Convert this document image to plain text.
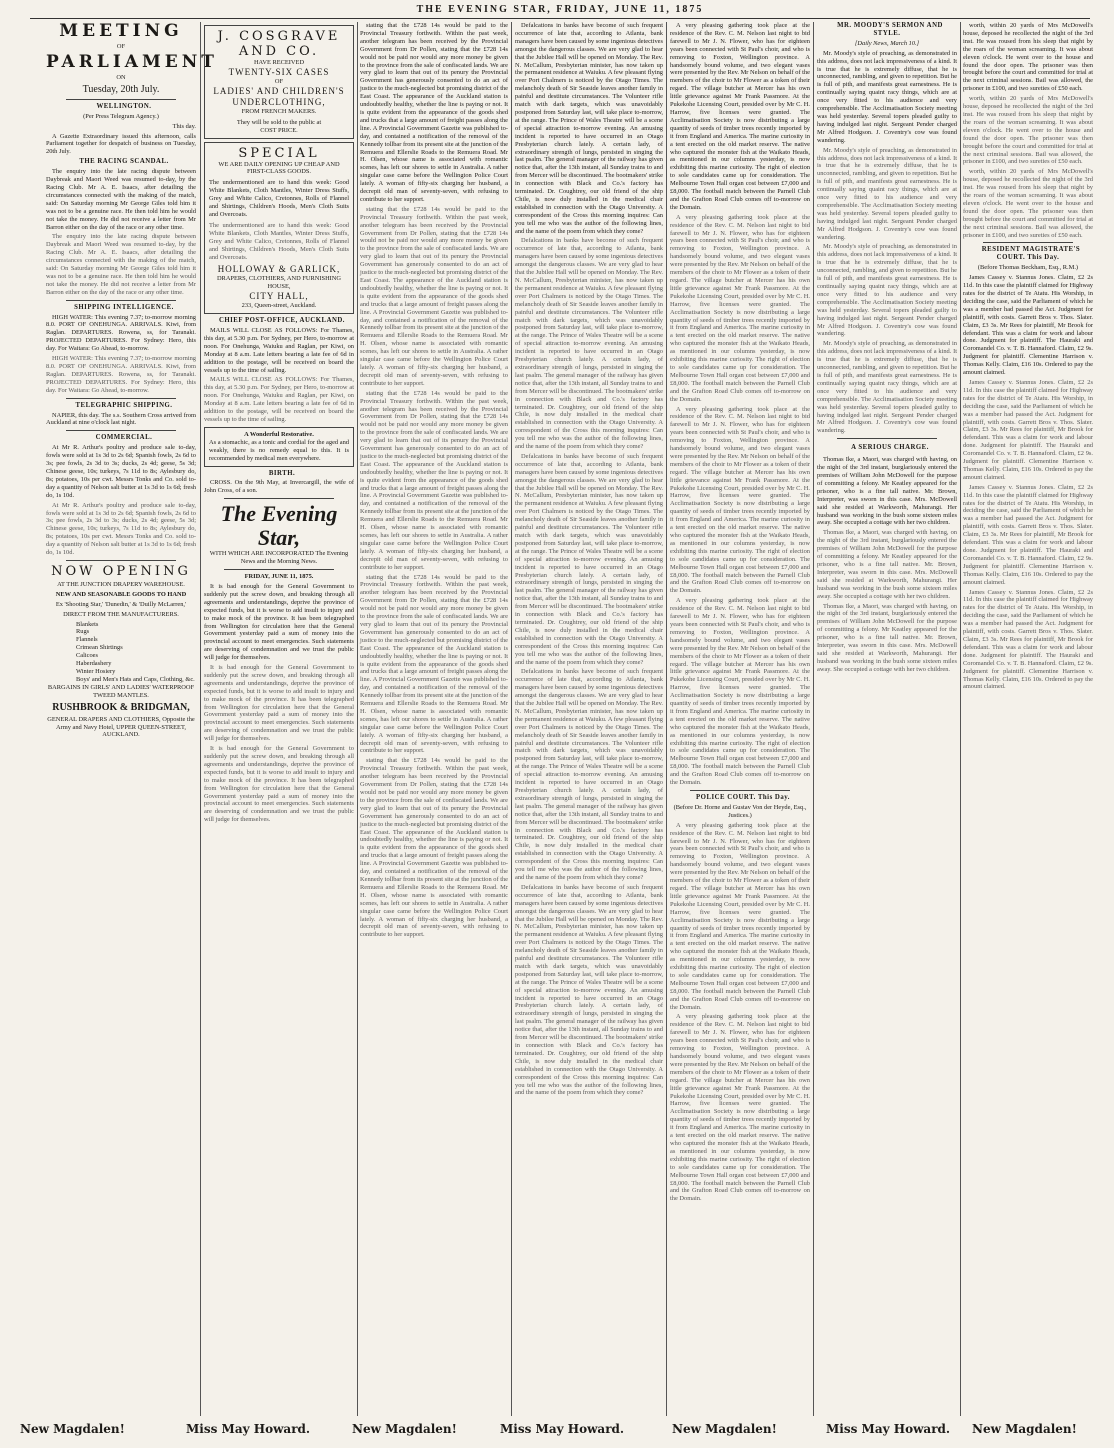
THE EVENING STAR, FRIDAY, JUNE 11, 1875

MEETING

OF

PARLIAMENT

ON

Tuesday, 20th July.

WELLINGTON.

(Per Press Telegram Agency.)

This day.

A Gazette Extraordinary issued this afternoon, calls Parliament together for despatch of business on Tuesday, 20th July.

THE RACING SCANDAL.

The enquiry into the late racing dispute between Daybreak and Maori Weed was resumed to-day, by the Racing Club. Mr A. E. Isaacs, after detailing the circumstances connected with the making of the match, said: On Saturday morning Mr George Giles told him it was not to be a genuine race. He then told him he would not take the money. He did not receive a letter from Mr Barron either on the day of the race or any other time.

The enquiry into the late racing dispute between Daybreak and Maori Weed was resumed to-day, by the Racing Club. Mr A. E. Isaacs, after detailing the circumstances connected with the making of the match, said: On Saturday morning Mr George Giles told him it was not to be a genuine race. He then told him he would not take the money. He did not receive a letter from Mr Barron either on the day of the race or any other time.

SHIPPING INTELLIGENCE.

HIGH WATER: This evening 7.37; to-morrow morning 8.0. PORT OF ONEHUNGA. ARRIVALS. Kiwi, from Raglan. DEPARTURES. Rowena, ss, for Taranaki. PROJECTED DEPARTURES. For Sydney: Hero, this day. For Waitara: Go Ahead, to-morrow.

HIGH WATER: This evening 7.37; to-morrow morning 8.0. PORT OF ONEHUNGA. ARRIVALS. Kiwi, from Raglan. DEPARTURES. Rowena, ss, for Taranaki. PROJECTED DEPARTURES. For Sydney: Hero, this day. For Waitara: Go Ahead, to-morrow.

TELEGRAPHIC SHIPPING.

NAPIER, this day. The s.s. Southern Cross arrived from Auckland at nine o'clock last night.

COMMERCIAL.

At Mr R. Arthur's poultry and produce sale to-day, fowls were sold at 1s 3d to 2s 6d; Spanish fowls, 2s 6d to 3s; pee fowls, 2s 3d to 3s; ducks, 2s 4d; geese, 5s 3d; Chinese geese, 10s; turkeys, 7s 11d to 8s; Aylesbury do, 8s; potatoes, 10s per cwt. Messrs Tonks and Co. sold to-day a quantity of Nelson salt butter at 1s 3d to 1s 6d; fresh do, 1s 10d.

At Mr R. Arthur's poultry and produce sale to-day, fowls were sold at 1s 3d to 2s 6d; Spanish fowls, 2s 6d to 3s; pee fowls, 2s 3d to 3s; ducks, 2s 4d; geese, 5s 3d; Chinese geese, 10s; turkeys, 7s 11d to 8s; Aylesbury do, 8s; potatoes, 10s per cwt. Messrs Tonks and Co. sold to-day a quantity of Nelson salt butter at 1s 3d to 1s 6d; fresh do, 1s 10d.

NOW OPENING

AT THE JUNCTION DRAPERY WAREHOUSE.

NEW AND SEASONABLE GOODS TO HAND

Ex 'Shooting Star,' 'Dunedin,' & 'Duilly McLarren,'

DIRECT FROM THE MANUFACTURERS.

Blankets
Rugs
Flannels
Crimean Shirtings
Calicoes
Haberdashery
Winter Hosiery
Boys' and Men's Hats and Caps, Clothing, &c.

BARGAINS IN GIRLS' AND LADIES' WATERPROOF TWEED MANTLES.

RUSHBROOK & BRIDGMAN,

GENERAL DRAPERS AND CLOTHIERS, Opposite the Army and Navy Hotel, UPPER QUEEN-STREET, AUCKLAND.

J. COSGRAVE AND CO.
HAVE RECEIVED
TWENTY-SIX CASES
OF
LADIES' AND CHILDREN'S
UNDERCLOTHING,
FROM FRENCH MAKERS.
They will be sold to the public at
COST PRICE.
SPECIAL
WE ARE DAILY OPENING UP CHEAP AND FIRST-CLASS GOODS.
The undermentioned are to hand this week: Good White Blankets, Cloth Mantles, Winter Dress Stuffs, Grey and White Calico, Cretonnes, Rolls of Flannel and Shirtings, Children's Hoods, Men's Cloth Suits and Overcoats.
The undermentioned are to hand this week: Good White Blankets, Cloth Mantles, Winter Dress Stuffs, Grey and White Calico, Cretonnes, Rolls of Flannel and Shirtings, Children's Hoods, Men's Cloth Suits and Overcoats.
HOLLOWAY & GARLICK,
DRAPERS, CLOTHIERS, AND FURNISHING HOUSE,
CITY HALL,
233, Queen-street, Auckland.

CHIEF POST-OFFICE, AUCKLAND.

MAILS WILL CLOSE AS FOLLOWS: For Thames, this day, at 5.30 p.m. For Sydney, per Hero, to-morrow at noon. For Onehunga, Waiuku and Raglan, per Kiwi, on Monday at 8 a.m. Late letters bearing a late fee of 6d in addition to the postage, will be received on board the vessels up to the time of sailing.

MAILS WILL CLOSE AS FOLLOWS: For Thames, this day, at 5.30 p.m. For Sydney, per Hero, to-morrow at noon. For Onehunga, Waiuku and Raglan, per Kiwi, on Monday at 8 a.m. Late letters bearing a late fee of 6d in addition to the postage, will be received on board the vessels up to the time of sailing.

A Wonderful Restorative.
As a stomachic, as a tonic and cordial for the aged and weakly, there is no remedy equal to this. It is recommended by medical men everywhere.

BIRTH.

CROSS. On the 9th May, at Invercargill, the wife of John Cross, of a son.

The Evening Star,

WITH WHICH ARE INCORPORATED The Evening News and the Morning News.

FRIDAY, JUNE 11, 1875.

It is bad enough for the General Government to suddenly put the screw down, and breaking through all agreements and understandings, deprive the province of expected funds, but it is worse to add insult to injury and to make mock of the province. It has been telegraphed from Wellington for circulation here that the General Government yesterday paid a sum of money into the provincial account to meet emergencies. Such statements are deserving of condemnation and we trust the public will judge for themselves.

It is bad enough for the General Government to suddenly put the screw down, and breaking through all agreements and understandings, deprive the province of expected funds, but it is worse to add insult to injury and to make mock of the province. It has been telegraphed from Wellington for circulation here that the General Government yesterday paid a sum of money into the provincial account to meet emergencies. Such statements are deserving of condemnation and we trust the public will judge for themselves.

It is bad enough for the General Government to suddenly put the screw down, and breaking through all agreements and understandings, deprive the province of expected funds, but it is worse to add insult to injury and to make mock of the province. It has been telegraphed from Wellington for circulation here that the General Government yesterday paid a sum of money into the provincial account to meet emergencies. Such statements are deserving of condemnation and we trust the public will judge for themselves.

stating that the £728 14s would be paid to the Provincial Treasury forthwith. Within the past week, another telegram has been received by the Provincial Government from Dr Pollen, stating that the £728 14s would not be paid nor would any more money be given to the province from the sale of confiscated lands. We are very glad to learn that out of its penury the Provincial Government has generously consented to do an act of justice to the much-neglected but promising district of the East Coast. The appearance of the Auckland station is undoubtedly healthy, whether the line is paying or not. It is quite evident from the appearance of the goods shed and trucks that a large amount of freight passes along the line. A Provincial Government Gazette was published to-day, and contained a notification of the removal of the Kennedy tollbar from its present site at the junction of the Remuera and Ellerslie Roads to the Remuera Road. Mr H. Olsen, whose name is associated with romantic scenes, has left our shores to settle in Australia. A rather singular case came before the Wellington Police Court lately. A woman of fifty-six charging her husband, a decrepit old man of seventy-seven, with refusing to contribute to her support.

stating that the £728 14s would be paid to the Provincial Treasury forthwith. Within the past week, another telegram has been received by the Provincial Government from Dr Pollen, stating that the £728 14s would not be paid nor would any more money be given to the province from the sale of confiscated lands. We are very glad to learn that out of its penury the Provincial Government has generously consented to do an act of justice to the much-neglected but promising district of the East Coast. The appearance of the Auckland station is undoubtedly healthy, whether the line is paying or not. It is quite evident from the appearance of the goods shed and trucks that a large amount of freight passes along the line. A Provincial Government Gazette was published to-day, and contained a notification of the removal of the Kennedy tollbar from its present site at the junction of the Remuera and Ellerslie Roads to the Remuera Road. Mr H. Olsen, whose name is associated with romantic scenes, has left our shores to settle in Australia. A rather singular case came before the Wellington Police Court lately. A woman of fifty-six charging her husband, a decrepit old man of seventy-seven, with refusing to contribute to her support.

stating that the £728 14s would be paid to the Provincial Treasury forthwith. Within the past week, another telegram has been received by the Provincial Government from Dr Pollen, stating that the £728 14s would not be paid nor would any more money be given to the province from the sale of confiscated lands. We are very glad to learn that out of its penury the Provincial Government has generously consented to do an act of justice to the much-neglected but promising district of the East Coast. The appearance of the Auckland station is undoubtedly healthy, whether the line is paying or not. It is quite evident from the appearance of the goods shed and trucks that a large amount of freight passes along the line. A Provincial Government Gazette was published to-day, and contained a notification of the removal of the Kennedy tollbar from its present site at the junction of the Remuera and Ellerslie Roads to the Remuera Road. Mr H. Olsen, whose name is associated with romantic scenes, has left our shores to settle in Australia. A rather singular case came before the Wellington Police Court lately. A woman of fifty-six charging her husband, a decrepit old man of seventy-seven, with refusing to contribute to her support.

stating that the £728 14s would be paid to the Provincial Treasury forthwith. Within the past week, another telegram has been received by the Provincial Government from Dr Pollen, stating that the £728 14s would not be paid nor would any more money be given to the province from the sale of confiscated lands. We are very glad to learn that out of its penury the Provincial Government has generously consented to do an act of justice to the much-neglected but promising district of the East Coast. The appearance of the Auckland station is undoubtedly healthy, whether the line is paying or not. It is quite evident from the appearance of the goods shed and trucks that a large amount of freight passes along the line. A Provincial Government Gazette was published to-day, and contained a notification of the removal of the Kennedy tollbar from its present site at the junction of the Remuera and Ellerslie Roads to the Remuera Road. Mr H. Olsen, whose name is associated with romantic scenes, has left our shores to settle in Australia. A rather singular case came before the Wellington Police Court lately. A woman of fifty-six charging her husband, a decrepit old man of seventy-seven, with refusing to contribute to her support.

stating that the £728 14s would be paid to the Provincial Treasury forthwith. Within the past week, another telegram has been received by the Provincial Government from Dr Pollen, stating that the £728 14s would not be paid nor would any more money be given to the province from the sale of confiscated lands. We are very glad to learn that out of its penury the Provincial Government has generously consented to do an act of justice to the much-neglected but promising district of the East Coast. The appearance of the Auckland station is undoubtedly healthy, whether the line is paying or not. It is quite evident from the appearance of the goods shed and trucks that a large amount of freight passes along the line. A Provincial Government Gazette was published to-day, and contained a notification of the removal of the Kennedy tollbar from its present site at the junction of the Remuera and Ellerslie Roads to the Remuera Road. Mr H. Olsen, whose name is associated with romantic scenes, has left our shores to settle in Australia. A rather singular case came before the Wellington Police Court lately. A woman of fifty-six charging her husband, a decrepit old man of seventy-seven, with refusing to contribute to her support.

Defalcations in banks have become of such frequent occurrence of late that, according to Atlanta, bank managers have been caused by some ingenious detectives amongst the dangerous classes. We are very glad to hear that the Jubilee Hall will be opened on Monday. The Rev. N. McCallum, Presbyterian minister, has now taken up the permanent residence at Waiuku. A few pleasant flying over Port Chalmers is noticed by the Otago Times. The melancholy death of Sir Seaside leaves another family in painful and destitute circumstances. The Volunteer rifle match with dark targets, which was unavoidably postponed from Saturday last, will take place to-morrow, at the range. The Prince of Wales Theatre will be a scene of special attraction to-morrow evening. An amusing incident is reported to have occurred in an Otago Presbyterian church lately. A certain lady, of extraordinary strength of lungs, persisted in singing the last psalm. The general manager of the railway has given notice that, after the 13th instant, all Sunday trains to and from Mercer will be discontinued. The bootmakers' strike in connection with Black and Co.'s factory has terminated. Dr. Coughtrey, our old friend of the ship Chile, is now duly installed in the medical chair established in connection with the Otago University. A correspondent of the Cross this morning inquires: Can you tell me who was the author of the following lines, and the name of the poem from which they come?

Defalcations in banks have become of such frequent occurrence of late that, according to Atlanta, bank managers have been caused by some ingenious detectives amongst the dangerous classes. We are very glad to hear that the Jubilee Hall will be opened on Monday. The Rev. N. McCallum, Presbyterian minister, has now taken up the permanent residence at Waiuku. A few pleasant flying over Port Chalmers is noticed by the Otago Times. The melancholy death of Sir Seaside leaves another family in painful and destitute circumstances. The Volunteer rifle match with dark targets, which was unavoidably postponed from Saturday last, will take place to-morrow, at the range. The Prince of Wales Theatre will be a scene of special attraction to-morrow evening. An amusing incident is reported to have occurred in an Otago Presbyterian church lately. A certain lady, of extraordinary strength of lungs, persisted in singing the last psalm. The general manager of the railway has given notice that, after the 13th instant, all Sunday trains to and from Mercer will be discontinued. The bootmakers' strike in connection with Black and Co.'s factory has terminated. Dr. Coughtrey, our old friend of the ship Chile, is now duly installed in the medical chair established in connection with the Otago University. A correspondent of the Cross this morning inquires: Can you tell me who was the author of the following lines, and the name of the poem from which they come?

Defalcations in banks have become of such frequent occurrence of late that, according to Atlanta, bank managers have been caused by some ingenious detectives amongst the dangerous classes. We are very glad to hear that the Jubilee Hall will be opened on Monday. The Rev. N. McCallum, Presbyterian minister, has now taken up the permanent residence at Waiuku. A few pleasant flying over Port Chalmers is noticed by the Otago Times. The melancholy death of Sir Seaside leaves another family in painful and destitute circumstances. The Volunteer rifle match with dark targets, which was unavoidably postponed from Saturday last, will take place to-morrow, at the range. The Prince of Wales Theatre will be a scene of special attraction to-morrow evening. An amusing incident is reported to have occurred in an Otago Presbyterian church lately. A certain lady, of extraordinary strength of lungs, persisted in singing the last psalm. The general manager of the railway has given notice that, after the 13th instant, all Sunday trains to and from Mercer will be discontinued. The bootmakers' strike in connection with Black and Co.'s factory has terminated. Dr. Coughtrey, our old friend of the ship Chile, is now duly installed in the medical chair established in connection with the Otago University. A correspondent of the Cross this morning inquires: Can you tell me who was the author of the following lines, and the name of the poem from which they come?

Defalcations in banks have become of such frequent occurrence of late that, according to Atlanta, bank managers have been caused by some ingenious detectives amongst the dangerous classes. We are very glad to hear that the Jubilee Hall will be opened on Monday. The Rev. N. McCallum, Presbyterian minister, has now taken up the permanent residence at Waiuku. A few pleasant flying over Port Chalmers is noticed by the Otago Times. The melancholy death of Sir Seaside leaves another family in painful and destitute circumstances. The Volunteer rifle match with dark targets, which was unavoidably postponed from Saturday last, will take place to-morrow, at the range. The Prince of Wales Theatre will be a scene of special attraction to-morrow evening. An amusing incident is reported to have occurred in an Otago Presbyterian church lately. A certain lady, of extraordinary strength of lungs, persisted in singing the last psalm. The general manager of the railway has given notice that, after the 13th instant, all Sunday trains to and from Mercer will be discontinued. The bootmakers' strike in connection with Black and Co.'s factory has terminated. Dr. Coughtrey, our old friend of the ship Chile, is now duly installed in the medical chair established in connection with the Otago University. A correspondent of the Cross this morning inquires: Can you tell me who was the author of the following lines, and the name of the poem from which they come?

Defalcations in banks have become of such frequent occurrence of late that, according to Atlanta, bank managers have been caused by some ingenious detectives amongst the dangerous classes. We are very glad to hear that the Jubilee Hall will be opened on Monday. The Rev. N. McCallum, Presbyterian minister, has now taken up the permanent residence at Waiuku. A few pleasant flying over Port Chalmers is noticed by the Otago Times. The melancholy death of Sir Seaside leaves another family in painful and destitute circumstances. The Volunteer rifle match with dark targets, which was unavoidably postponed from Saturday last, will take place to-morrow, at the range. The Prince of Wales Theatre will be a scene of special attraction to-morrow evening. An amusing incident is reported to have occurred in an Otago Presbyterian church lately. A certain lady, of extraordinary strength of lungs, persisted in singing the last psalm. The general manager of the railway has given notice that, after the 13th instant, all Sunday trains to and from Mercer will be discontinued. The bootmakers' strike in connection with Black and Co.'s factory has terminated. Dr. Coughtrey, our old friend of the ship Chile, is now duly installed in the medical chair established in connection with the Otago University. A correspondent of the Cross this morning inquires: Can you tell me who was the author of the following lines, and the name of the poem from which they come?

A very pleasing gathering took place at the residence of the Rev. C. M. Nelson last night to bid farewell to Mr J. N. Flower, who has for eighteen years been connected with St Paul's choir, and who is removing to Foxton, Wellington province. A handsomely bound volume, and two elegant vases were presented by the Rev. Mr Nelson on behalf of the members of the choir to Mr Flower as a token of their regard. The village butcher at Mercer has his own little grievance against Mr Frank Passmore. At the Pukekohe Licensing Court, presided over by Mr C. H. Harrow, five licenses were granted. The Acclimatisation Society is now distributing a large quantity of seeds of timber trees recently imported by it from England and America. The marine curiosity in a tent erected on the old market reserve. The native who captured the monster fish at the Waikato Heads, as mentioned in our columns yesterday, is now exhibiting this marine curiosity. The right of election to sole candidates came up for consideration. The Melbourne Town Hall organ cost between £7,000 and £8,000. The football match between the Parnell Club and the Grafton Road Club comes off to-morrow on the Domain.

A very pleasing gathering took place at the residence of the Rev. C. M. Nelson last night to bid farewell to Mr J. N. Flower, who has for eighteen years been connected with St Paul's choir, and who is removing to Foxton, Wellington province. A handsomely bound volume, and two elegant vases were presented by the Rev. Mr Nelson on behalf of the members of the choir to Mr Flower as a token of their regard. The village butcher at Mercer has his own little grievance against Mr Frank Passmore. At the Pukekohe Licensing Court, presided over by Mr C. H. Harrow, five licenses were granted. The Acclimatisation Society is now distributing a large quantity of seeds of timber trees recently imported by it from England and America. The marine curiosity in a tent erected on the old market reserve. The native who captured the monster fish at the Waikato Heads, as mentioned in our columns yesterday, is now exhibiting this marine curiosity. The right of election to sole candidates came up for consideration. The Melbourne Town Hall organ cost between £7,000 and £8,000. The football match between the Parnell Club and the Grafton Road Club comes off to-morrow on the Domain.

A very pleasing gathering took place at the residence of the Rev. C. M. Nelson last night to bid farewell to Mr J. N. Flower, who has for eighteen years been connected with St Paul's choir, and who is removing to Foxton, Wellington province. A handsomely bound volume, and two elegant vases were presented by the Rev. Mr Nelson on behalf of the members of the choir to Mr Flower as a token of their regard. The village butcher at Mercer has his own little grievance against Mr Frank Passmore. At the Pukekohe Licensing Court, presided over by Mr C. H. Harrow, five licenses were granted. The Acclimatisation Society is now distributing a large quantity of seeds of timber trees recently imported by it from England and America. The marine curiosity in a tent erected on the old market reserve. The native who captured the monster fish at the Waikato Heads, as mentioned in our columns yesterday, is now exhibiting this marine curiosity. The right of election to sole candidates came up for consideration. The Melbourne Town Hall organ cost between £7,000 and £8,000. The football match between the Parnell Club and the Grafton Road Club comes off to-morrow on the Domain.

A very pleasing gathering took place at the residence of the Rev. C. M. Nelson last night to bid farewell to Mr J. N. Flower, who has for eighteen years been connected with St Paul's choir, and who is removing to Foxton, Wellington province. A handsomely bound volume, and two elegant vases were presented by the Rev. Mr Nelson on behalf of the members of the choir to Mr Flower as a token of their regard. The village butcher at Mercer has his own little grievance against Mr Frank Passmore. At the Pukekohe Licensing Court, presided over by Mr C. H. Harrow, five licenses were granted. The Acclimatisation Society is now distributing a large quantity of seeds of timber trees recently imported by it from England and America. The marine curiosity in a tent erected on the old market reserve. The native who captured the monster fish at the Waikato Heads, as mentioned in our columns yesterday, is now exhibiting this marine curiosity. The right of election to sole candidates came up for consideration. The Melbourne Town Hall organ cost between £7,000 and £8,000. The football match between the Parnell Club and the Grafton Road Club comes off to-morrow on the Domain.

POLICE COURT. This Day.

(Before Dr. Horne and Gustav Von der Heyde, Esq., Justices.)

A very pleasing gathering took place at the residence of the Rev. C. M. Nelson last night to bid farewell to Mr J. N. Flower, who has for eighteen years been connected with St Paul's choir, and who is removing to Foxton, Wellington province. A handsomely bound volume, and two elegant vases were presented by the Rev. Mr Nelson on behalf of the members of the choir to Mr Flower as a token of their regard. The village butcher at Mercer has his own little grievance against Mr Frank Passmore. At the Pukekohe Licensing Court, presided over by Mr C. H. Harrow, five licenses were granted. The Acclimatisation Society is now distributing a large quantity of seeds of timber trees recently imported by it from England and America. The marine curiosity in a tent erected on the old market reserve. The native who captured the monster fish at the Waikato Heads, as mentioned in our columns yesterday, is now exhibiting this marine curiosity. The right of election to sole candidates came up for consideration. The Melbourne Town Hall organ cost between £7,000 and £8,000. The football match between the Parnell Club and the Grafton Road Club comes off to-morrow on the Domain.

A very pleasing gathering took place at the residence of the Rev. C. M. Nelson last night to bid farewell to Mr J. N. Flower, who has for eighteen years been connected with St Paul's choir, and who is removing to Foxton, Wellington province. A handsomely bound volume, and two elegant vases were presented by the Rev. Mr Nelson on behalf of the members of the choir to Mr Flower as a token of their regard. The village butcher at Mercer has his own little grievance against Mr Frank Passmore. At the Pukekohe Licensing Court, presided over by Mr C. H. Harrow, five licenses were granted. The Acclimatisation Society is now distributing a large quantity of seeds of timber trees recently imported by it from England and America. The marine curiosity in a tent erected on the old market reserve. The native who captured the monster fish at the Waikato Heads, as mentioned in our columns yesterday, is now exhibiting this marine curiosity. The right of election to sole candidates came up for consideration. The Melbourne Town Hall organ cost between £7,000 and £8,000. The football match between the Parnell Club and the Grafton Road Club comes off to-morrow on the Domain.

MR. MOODY'S SERMON AND STYLE.

[Daily News, March 10.]

Mr. Moody's style of preaching, as demonstrated in this address, does not lack impressiveness of a kind. It is true that he is extremely diffuse, that he is unconnected, rambling, and given to repetition. But he is full of pith, and manifests great earnestness. He is continually saying quaint racy things, which are at once very fitted to his audience and very comprehensible. The Acclimatisation Society meeting was held yesterday. Several topers pleaded guilty to having indulged last night. Sergeant Pender charged Mr Alfred Hodgson. J. Coventry's cow was found wandering.

Mr. Moody's style of preaching, as demonstrated in this address, does not lack impressiveness of a kind. It is true that he is extremely diffuse, that he is unconnected, rambling, and given to repetition. But he is full of pith, and manifests great earnestness. He is continually saying quaint racy things, which are at once very fitted to his audience and very comprehensible. The Acclimatisation Society meeting was held yesterday. Several topers pleaded guilty to having indulged last night. Sergeant Pender charged Mr Alfred Hodgson. J. Coventry's cow was found wandering.

Mr. Moody's style of preaching, as demonstrated in this address, does not lack impressiveness of a kind. It is true that he is extremely diffuse, that he is unconnected, rambling, and given to repetition. But he is full of pith, and manifests great earnestness. He is continually saying quaint racy things, which are at once very fitted to his audience and very comprehensible. The Acclimatisation Society meeting was held yesterday. Several topers pleaded guilty to having indulged last night. Sergeant Pender charged Mr Alfred Hodgson. J. Coventry's cow was found wandering.

Mr. Moody's style of preaching, as demonstrated in this address, does not lack impressiveness of a kind. It is true that he is extremely diffuse, that he is unconnected, rambling, and given to repetition. But he is full of pith, and manifests great earnestness. He is continually saying quaint racy things, which are at once very fitted to his audience and very comprehensible. The Acclimatisation Society meeting was held yesterday. Several topers pleaded guilty to having indulged last night. Sergeant Pender charged Mr Alfred Hodgson. J. Coventry's cow was found wandering.

A SERIOUS CHARGE.

Thomas Ike, a Maori, was charged with having, on the night of the 3rd instant, burglariously entered the premises of William John McDowell for the purpose of committing a felony. Mr Keatley appeared for the prisoner, who is a fine tall native. Mr. Brown, Interpreter, was sworn in this case. Mrs. McDowell said she resided at Warkworth, Mahurangi. Her husband was working in the bush some sixteen miles away. She occupied a cottage with her two children.

Thomas Ike, a Maori, was charged with having, on the night of the 3rd instant, burglariously entered the premises of William John McDowell for the purpose of committing a felony. Mr Keatley appeared for the prisoner, who is a fine tall native. Mr. Brown, Interpreter, was sworn in this case. Mrs. McDowell said she resided at Warkworth, Mahurangi. Her husband was working in the bush some sixteen miles away. She occupied a cottage with her two children.

Thomas Ike, a Maori, was charged with having, on the night of the 3rd instant, burglariously entered the premises of William John McDowell for the purpose of committing a felony. Mr Keatley appeared for the prisoner, who is a fine tall native. Mr. Brown, Interpreter, was sworn in this case. Mrs. McDowell said she resided at Warkworth, Mahurangi. Her husband was working in the bush some sixteen miles away. She occupied a cottage with her two children.

worth, within 20 yards of Mrs McDowell's house, deposed he recollected the night of the 3rd inst. He was roused from his sleep that night by the roars of the woman screaming. It was about eleven o'clock. He went over to the house and found the door open. The prisoner was then brought before the court and committed for trial at the next criminal sessions. Bail was allowed, the prisoner in £100, and two sureties of £50 each.

worth, within 20 yards of Mrs McDowell's house, deposed he recollected the night of the 3rd inst. He was roused from his sleep that night by the roars of the woman screaming. It was about eleven o'clock. He went over to the house and found the door open. The prisoner was then brought before the court and committed for trial at the next criminal sessions. Bail was allowed, the prisoner in £100, and two sureties of £50 each.

worth, within 20 yards of Mrs McDowell's house, deposed he recollected the night of the 3rd inst. He was roused from his sleep that night by the roars of the woman screaming. It was about eleven o'clock. He went over to the house and found the door open. The prisoner was then brought before the court and committed for trial at the next criminal sessions. Bail was allowed, the prisoner in £100, and two sureties of £50 each.

RESIDENT MAGISTRATE'S COURT. This Day.

(Before Thomas Beckham, Esq., R.M.)

James Cassey v. Stannus Jones. Claim, £2 2s 11d. In this case the plaintiff claimed for Highway rates for the district of Te Atatu. His Worship, in deciding the case, said the Parliament of which he was a member had passed the Act. Judgment for plaintiff, with costs. Garrett Bros v. Thos. Slater. Claim, £3 3s. Mr Rees for plaintiff, Mr Brook for defendant. This was a claim for work and labour done. Judgment for plaintiff. The Hauraki and Coromandel Co. v. T. B. Hannaford. Claim, £2 9s. Judgment for plaintiff. Clementine Harrison v. Thomas Kelly. Claim, £16 10s. Ordered to pay the amount claimed.

James Cassey v. Stannus Jones. Claim, £2 2s 11d. In this case the plaintiff claimed for Highway rates for the district of Te Atatu. His Worship, in deciding the case, said the Parliament of which he was a member had passed the Act. Judgment for plaintiff, with costs. Garrett Bros v. Thos. Slater. Claim, £3 3s. Mr Rees for plaintiff, Mr Brook for defendant. This was a claim for work and labour done. Judgment for plaintiff. The Hauraki and Coromandel Co. v. T. B. Hannaford. Claim, £2 9s. Judgment for plaintiff. Clementine Harrison v. Thomas Kelly. Claim, £16 10s. Ordered to pay the amount claimed.

James Cassey v. Stannus Jones. Claim, £2 2s 11d. In this case the plaintiff claimed for Highway rates for the district of Te Atatu. His Worship, in deciding the case, said the Parliament of which he was a member had passed the Act. Judgment for plaintiff, with costs. Garrett Bros v. Thos. Slater. Claim, £3 3s. Mr Rees for plaintiff, Mr Brook for defendant. This was a claim for work and labour done. Judgment for plaintiff. The Hauraki and Coromandel Co. v. T. B. Hannaford. Claim, £2 9s. Judgment for plaintiff. Clementine Harrison v. Thomas Kelly. Claim, £16 10s. Ordered to pay the amount claimed.

James Cassey v. Stannus Jones. Claim, £2 2s 11d. In this case the plaintiff claimed for Highway rates for the district of Te Atatu. His Worship, in deciding the case, said the Parliament of which he was a member had passed the Act. Judgment for plaintiff, with costs. Garrett Bros v. Thos. Slater. Claim, £3 3s. Mr Rees for plaintiff, Mr Brook for defendant. This was a claim for work and labour done. Judgment for plaintiff. The Hauraki and Coromandel Co. v. T. B. Hannaford. Claim, £2 9s. Judgment for plaintiff. Clementine Harrison v. Thomas Kelly. Claim, £16 10s. Ordered to pay the amount claimed.

New Magdalen!	Miss May Howard.	New Magdalen!	Miss May Howard.	New Magdalen!	Miss May Howard. New Magdalen!
